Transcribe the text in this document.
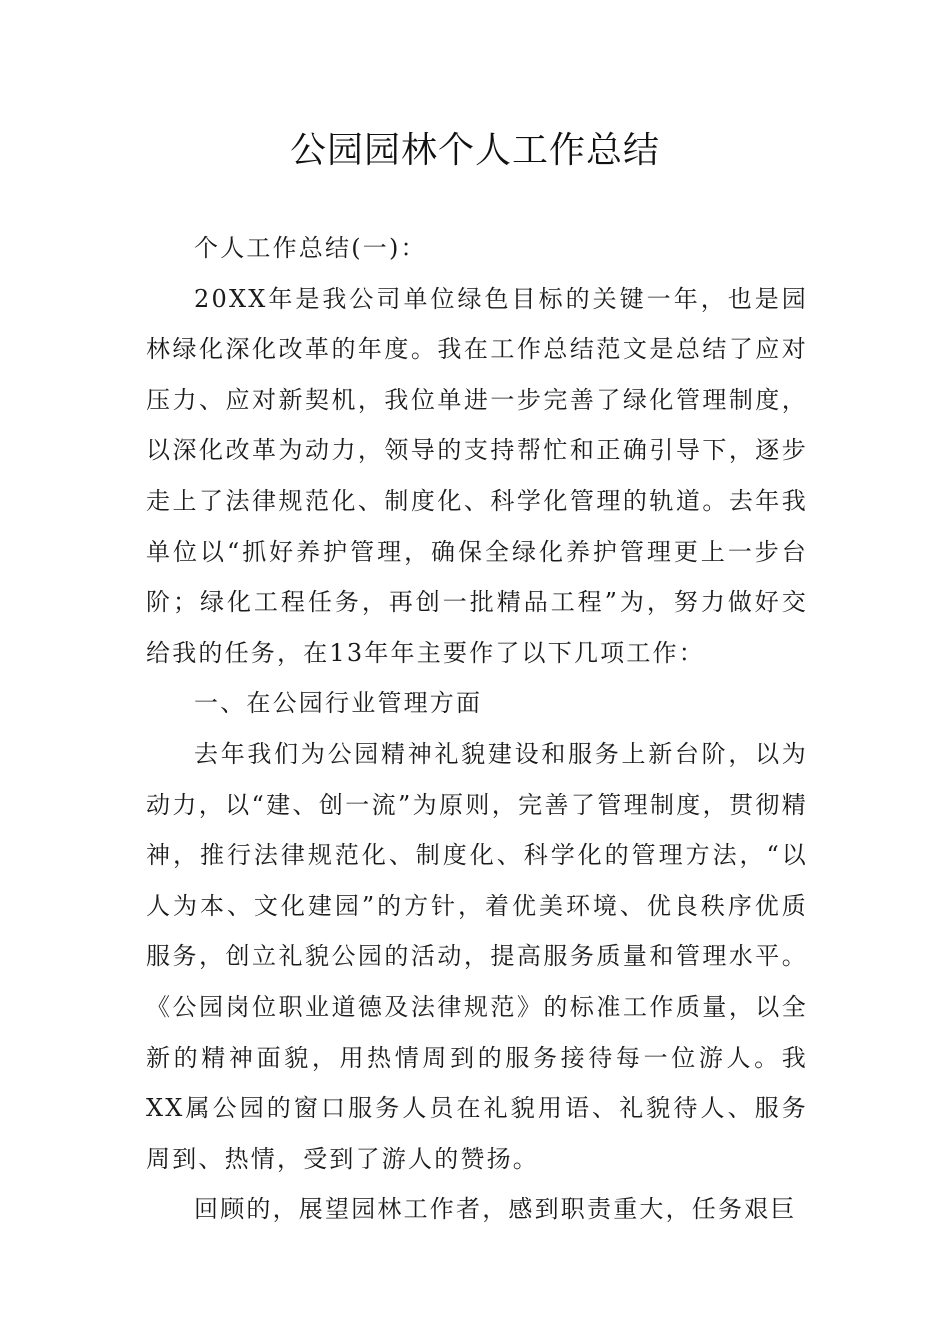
公园园林个人工作总结

个人工作总结(一)：

20XX年是我公司单位绿色目标的关键一年，也是园林绿化深化改革的年度。我在工作总结范文是总结了应对压力、应对新契机，我位单进一步完善了绿化管理制度，以深化改革为动力，领导的支持帮忙和正确引导下，逐步走上了法律规范化、制度化、科学化管理的轨道。去年我单位以“抓好养护管理，确保全绿化养护管理更上一步台阶；绿化工程任务，再创一批精品工程”为，努力做好交给我的任务，在13年年主要作了以下几项工作：

一、在公园行业管理方面

去年我们为公园精神礼貌建设和服务上新台阶，以为动力，以“建、创一流”为原则，完善了管理制度，贯彻精神，推行法律规范化、制度化、科学化的管理方法，“以人为本、文化建园”的方针，着优美环境、优良秩序优质服务，创立礼貌公园的活动，提高服务质量和管理水平。《公园岗位职业道德及法律规范》的标准工作质量，以全新的精神面貌，用热情周到的服务接待每一位游人。我XX属公园的窗口服务人员在礼貌用语、礼貌待人、服务周到、热情，受到了游人的赞扬。

回顾的，展望园林工作者，感到职责重大，任务艰巨
